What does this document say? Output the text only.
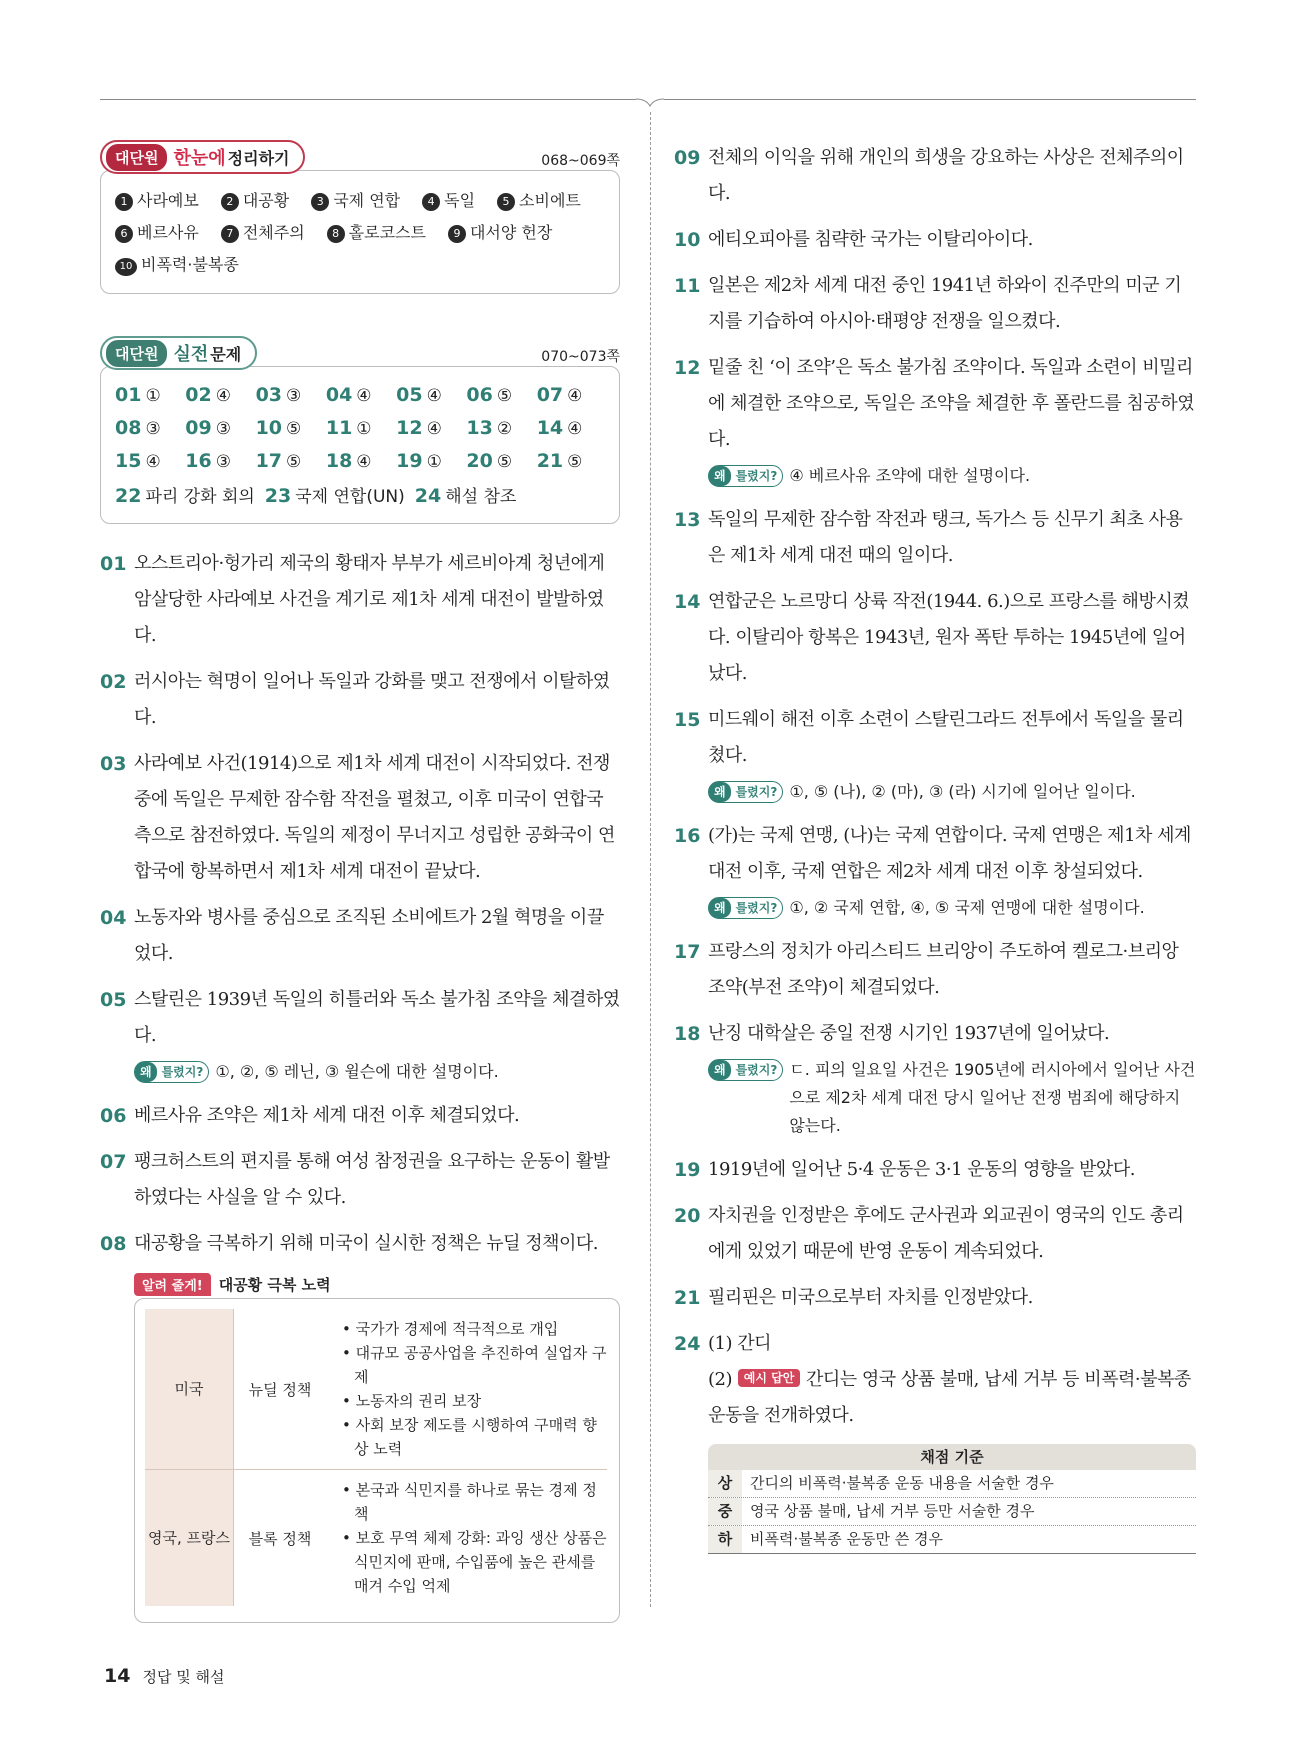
대단원 한눈에 정리하기	068~069쪽
1 사라예보	2 대공황	3 국제 연합	4 독일	5 소비에트
6 베르사유	7 전체주의	8 홀로코스트	9 대서양 헌장
10 비폭력·불복종
대단원 실전 문제	070~073쪽
01 ①	02 ④	03 ③	04 ④	05 ④	06 ⑤	07 ④
08 ③	09 ③	10 ⑤	11 ①	12 ④	13 ②	14 ④
15 ④	16 ③	17 ⑤	18 ④	19 ①	20 ⑤	21 ⑤
22 파리 강화 회의 23 국제 연합(UN) 24 해설 참조
01 오스트리아·헝가리 제국의 황태자 부부가 세르비아계 청년에게 암살당한 사라예보 사건을 계기로 제1차 세계 대전이 발발하였다.
02 러시아는 혁명이 일어나 독일과 강화를 맺고 전쟁에서 이탈하였다.
03 사라예보 사건(1914)으로 제1차 세계 대전이 시작되었다. 전쟁 중에 독일은 무제한 잠수함 작전을 펼쳤고, 이후 미국이 연합국 측으로 참전하였다. 독일의 제정이 무너지고 성립한 공화국이 연합국에 항복하면서 제1차 세계 대전이 끝났다.
04 노동자와 병사를 중심으로 조직된 소비에트가 2월 혁명을 이끌었다.
05 스탈린은 1939년 독일의 히틀러와 독소 불가침 조약을 체결하였다.
왜 틀렸지? ①, ②, ⑤ 레닌, ③ 윌슨에 대한 설명이다.
06 베르사유 조약은 제1차 세계 대전 이후 체결되었다.
07 팽크허스트의 편지를 통해 여성 참정권을 요구하는 운동이 활발하였다는 사실을 알 수 있다.
08 대공황을 극복하기 위해 미국이 실시한 정책은 뉴딜 정책이다.
알려 줄게!	대공황 극복 노력
미국	뉴딜 정책	• 국가가 경제에 적극적으로 개입
• 대규모 공공사업을 추진하여 실업자 구제
• 노동자의 권리 보장
• 사회 보장 제도를 시행하여 구매력 향상 노력

영국, 프랑스	블록 정책	• 본국과 식민지를 하나로 묶는 경제 정책
• 보호 무역 체제 강화: 과잉 생산 상품은 식민지에 판매, 수입품에 높은 관세를 매겨 수입 억제
09 전체의 이익을 위해 개인의 희생을 강요하는 사상은 전체주의이다.
10 에티오피아를 침략한 국가는 이탈리아이다.
11 일본은 제2차 세계 대전 중인 1941년 하와이 진주만의 미군 기지를 기습하여 아시아·태평양 전쟁을 일으켰다.
12 밑줄 친 ‘이 조약’은 독소 불가침 조약이다. 독일과 소련이 비밀리에 체결한 조약으로, 독일은 조약을 체결한 후 폴란드를 침공하였다.
왜 틀렸지? ④ 베르사유 조약에 대한 설명이다.
13 독일의 무제한 잠수함 작전과 탱크, 독가스 등 신무기 최초 사용은 제1차 세계 대전 때의 일이다.
14 연합군은 노르망디 상륙 작전(1944. 6.)으로 프랑스를 해방시켰다. 이탈리아 항복은 1943년, 원자 폭탄 투하는 1945년에 일어났다.
15 미드웨이 해전 이후 소련이 스탈린그라드 전투에서 독일을 물리쳤다.
왜 틀렸지? ①, ⑤ (나), ② (마), ③ (라) 시기에 일어난 일이다.
16 (가)는 국제 연맹, (나)는 국제 연합이다. 국제 연맹은 제1차 세계 대전 이후, 국제 연합은 제2차 세계 대전 이후 창설되었다.
왜 틀렸지? ①, ② 국제 연합, ④, ⑤ 국제 연맹에 대한 설명이다.
17 프랑스의 정치가 아리스티드 브리앙이 주도하여 켈로그·브리앙 조약(부전 조약)이 체결되었다.
18 난징 대학살은 중일 전쟁 시기인 1937년에 일어났다.
왜 틀렸지? ㄷ. 피의 일요일 사건은 1905년에 러시아에서 일어난 사건으로 제2차 세계 대전 당시 일어난 전쟁 범죄에 해당하지 않는다.
19 1919년에 일어난 5·4 운동은 3·1 운동의 영향을 받았다.
20 자치권을 인정받은 후에도 군사권과 외교권이 영국의 인도 총리에게 있었기 때문에 반영 운동이 계속되었다.
21 필리핀은 미국으로부터 자치를 인정받았다.
24 (1) 간디
(2) 예시 답안 간디는 영국 상품 불매, 납세 거부 등 비폭력·불복종 운동을 전개하였다.
채점 기준
상	간디의 비폭력·불복종 운동 내용을 서술한 경우
중	영국 상품 불매, 납세 거부 등만 서술한 경우
하	비폭력·불복종 운동만 쓴 경우
14 정답 및 해설
